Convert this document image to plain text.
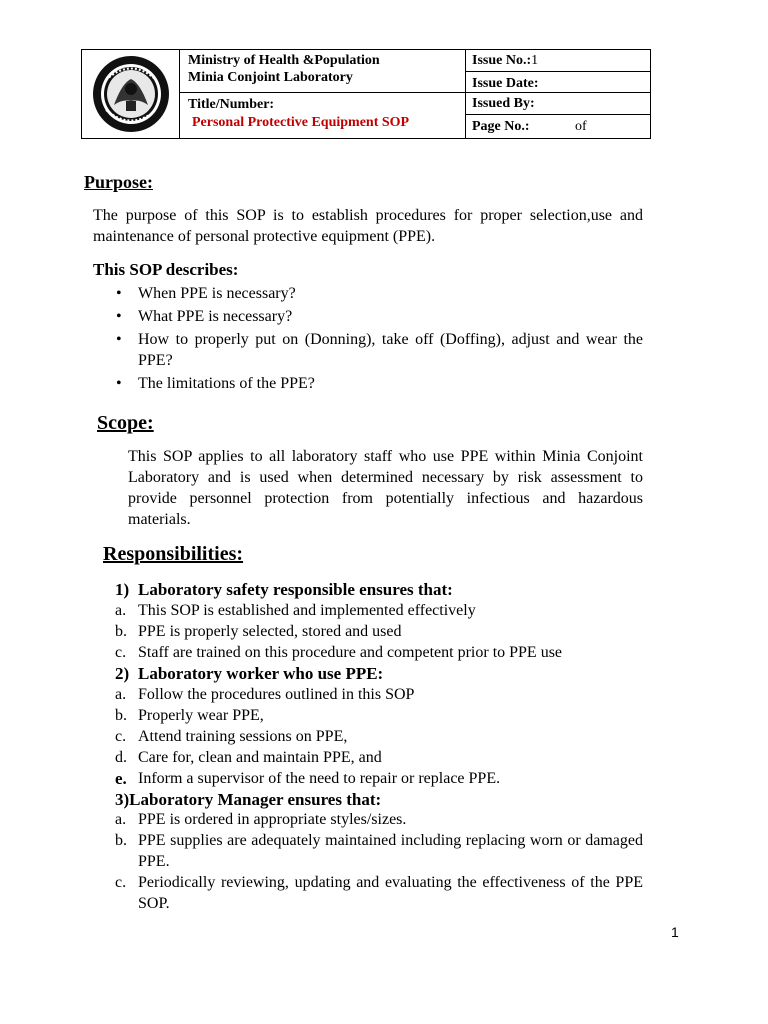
Ministry of Health &Population
Minia Conjoint Laboratory
Title/Number:
Personal Protective Equipment SOP
Issue No.:1
Issue Date:
Issued By:
Page No.:	of
Purpose:
The purpose of this SOP is to establish procedures for proper selection,use and maintenance of personal protective equipment (PPE).
This SOP describes:
• When PPE is necessary?
• What PPE is necessary?
• How to properly put on (Donning), take off (Doffing), adjust and wear the PPE?
• The limitations of the PPE?
Scope:
This SOP applies to all laboratory staff who use PPE within Minia Conjoint Laboratory and is used when determined necessary by risk assessment to provide personnel protection from potentially infectious and hazardous materials.
Responsibilities:
1) Laboratory safety responsible ensures that:
a. This SOP is established and implemented effectively
b. PPE is properly selected, stored and used
c. Staff are trained on this procedure and competent prior to PPE use
2) Laboratory worker who use PPE:
a. Follow the procedures outlined in this SOP
b. Properly wear PPE,
c. Attend training sessions on PPE,
d. Care for, clean and maintain PPE, and
e. Inform a supervisor of the need to repair or replace PPE.
3)Laboratory Manager ensures that:
a. PPE is ordered in appropriate styles/sizes.
b. PPE supplies are adequately maintained including replacing worn or damaged PPE.
c. Periodically reviewing, updating and evaluating the effectiveness of the PPE SOP.
1
